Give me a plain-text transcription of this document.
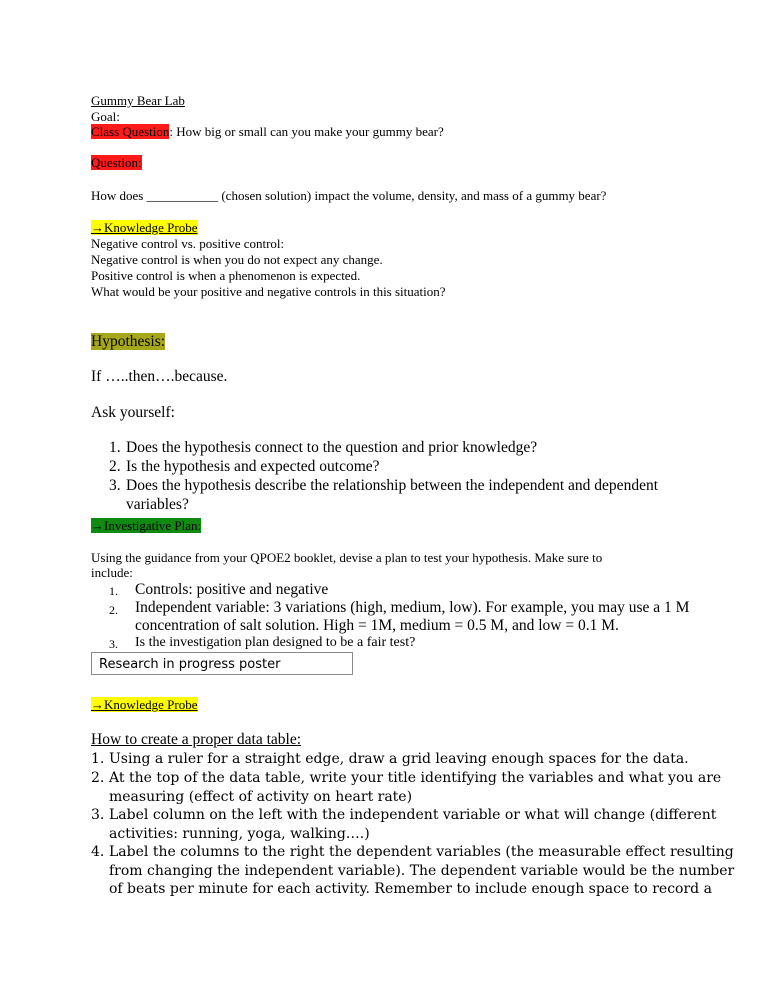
Gummy Bear Lab
Goal:
Class Question: How big or small can you make your gummy bear?
Question:
How does ___________ (chosen solution) impact the volume, density, and mass of a gummy bear?
→Knowledge Probe
Negative control vs. positive control:
Negative control is when you do not expect any change.
Positive control is when a phenomenon is expected.
What would be your positive and negative controls in this situation?
Hypothesis:
If …..then….because.
Ask yourself:
1. Does the hypothesis connect to the question and prior knowledge?
2. Is the hypothesis and expected outcome?
3. Does the hypothesis describe the relationship between the independent and dependent
variables?
→Investigative Plan:
Using the guidance from your QPOE2 booklet, devise a plan to test your hypothesis. Make sure to
include:
1. Controls: positive and negative
2. Independent variable: 3 variations (high, medium, low). For example, you may use a 1 M
concentration of salt solution. High = 1M, medium = 0.5 M, and low = 0.1 M.
3. Is the investigation plan designed to be a fair test?
Research in progress poster
→Knowledge Probe
How to create a proper data table:
1. Using a ruler for a straight edge, draw a grid leaving enough spaces for the data.
2. At the top of the data table, write your title identifying the variables and what you are
measuring (effect of activity on heart rate)
3. Label column on the left with the independent variable or what will change (different
activities: running, yoga, walking….)
4. Label the columns to the right the dependent variables (the measurable effect resulting
from changing the independent variable). The dependent variable would be the number
of beats per minute for each activity. Remember to include enough space to record a
